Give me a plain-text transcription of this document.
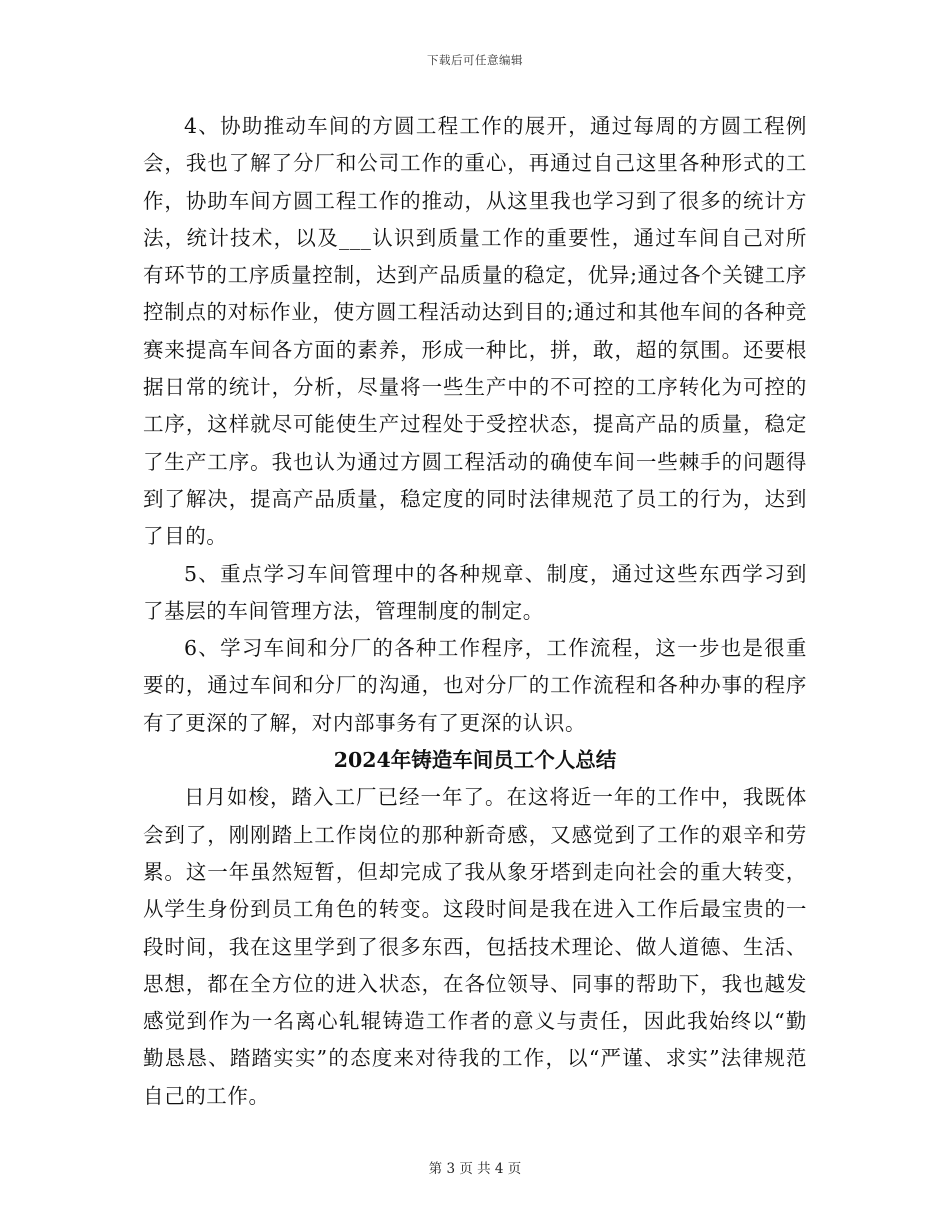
下载后可任意编辑

4、协助推动车间的方圆工程工作的展开，通过每周的方圆工程例会，我也了解了分厂和公司工作的重心，再通过自己这里各种形式的工作，协助车间方圆工程工作的推动，从这里我也学习到了很多的统计方法，统计技术，以及___认识到质量工作的重要性，通过车间自己对所有环节的工序质量控制，达到产品质量的稳定，优异;通过各个关键工序控制点的对标作业，使方圆工程活动达到目的;通过和其他车间的各种竞赛来提高车间各方面的素养，形成一种比，拼，敢，超的氛围。还要根据日常的统计，分析，尽量将一些生产中的不可控的工序转化为可控的工序，这样就尽可能使生产过程处于受控状态，提高产品的质量，稳定了生产工序。我也认为通过方圆工程活动的确使车间一些棘手的问题得到了解决，提高产品质量，稳定度的同时法律规范了员工的行为，达到了目的。

5、重点学习车间管理中的各种规章、制度，通过这些东西学习到了基层的车间管理方法，管理制度的制定。

6、学习车间和分厂的各种工作程序，工作流程，这一步也是很重要的，通过车间和分厂的沟通，也对分厂的工作流程和各种办事的程序有了更深的了解，对内部事务有了更深的认识。

2024年铸造车间员工个人总结

日月如梭，踏入工厂已经一年了。在这将近一年的工作中，我既体会到了，刚刚踏上工作岗位的那种新奇感，又感觉到了工作的艰辛和劳累。这一年虽然短暂，但却完成了我从象牙塔到走向社会的重大转变，从学生身份到员工角色的转变。这段时间是我在进入工作后最宝贵的一段时间，我在这里学到了很多东西，包括技术理论、做人道德、生活、思想，都在全方位的进入状态，在各位领导、同事的帮助下，我也越发感觉到作为一名离心轧辊铸造工作者的意义与责任，因此我始终以“勤勤恳恳、踏踏实实”的态度来对待我的工作，以“严谨、求实”法律规范自己的工作。

第 3 页 共 4 页
